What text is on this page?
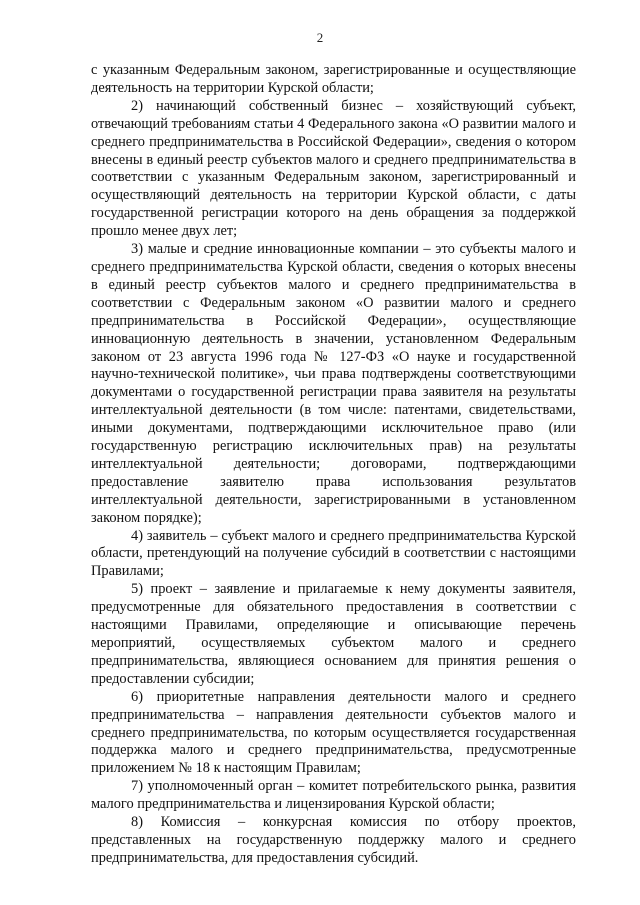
2

с указанным Федеральным законом, зарегистрированные и осуществляющие деятельность на территории Курской области;

2) начинающий собственный бизнес – хозяйствующий субъект, отвечающий требованиям статьи 4 Федерального закона «О развитии малого и среднего предпринимательства в Российской Федерации», сведения о котором внесены в единый реестр субъектов малого и среднего предпринимательства в соответствии с указанным Федеральным законом, зарегистрированный и осуществляющий деятельность на территории Курской области, с даты государственной регистрации которого на день обращения за поддержкой прошло менее двух лет;

3) малые и средние инновационные компании – это субъекты малого и среднего предпринимательства Курской области, сведения о которых внесены в единый реестр субъектов малого и среднего предпринимательства в соответствии с Федеральным законом «О развитии малого и среднего предпринимательства в Российской Федерации», осуществляющие инновационную деятельность в значении, установленном Федеральным законом от 23 августа 1996 года № 127-ФЗ «О науке и государственной научно-технической политике», чьи права подтверждены соответствующими документами о государственной регистрации права заявителя на результаты интеллектуальной деятельности (в том числе: патентами, свидетельствами, иными документами, подтверждающими исключительное право (или государственную регистрацию исключительных прав) на результаты интеллектуальной деятельности; договорами, подтверждающими предоставление заявителю права использования результатов интеллектуальной деятельности, зарегистрированными в установленном законом порядке);

4) заявитель – субъект малого и среднего предпринимательства Курской области, претендующий на получение субсидий в соответствии с настоящими Правилами;

5) проект – заявление и прилагаемые к нему документы заявителя, предусмотренные для обязательного предоставления в соответствии с настоящими Правилами, определяющие и описывающие перечень мероприятий, осуществляемых субъектом малого и среднего предпринимательства, являющиеся основанием для принятия решения о предоставлении субсидии;

6) приоритетные направления деятельности малого и среднего предпринимательства – направления деятельности субъектов малого и среднего предпринимательства, по которым осуществляется государственная поддержка малого и среднего предпринимательства, предусмотренные приложением № 18 к настоящим Правилам;

7) уполномоченный орган – комитет потребительского рынка, развития малого предпринимательства и лицензирования Курской области;

8) Комиссия – конкурсная комиссия по отбору проектов, представленных на государственную поддержку малого и среднего предпринимательства, для предоставления субсидий.
